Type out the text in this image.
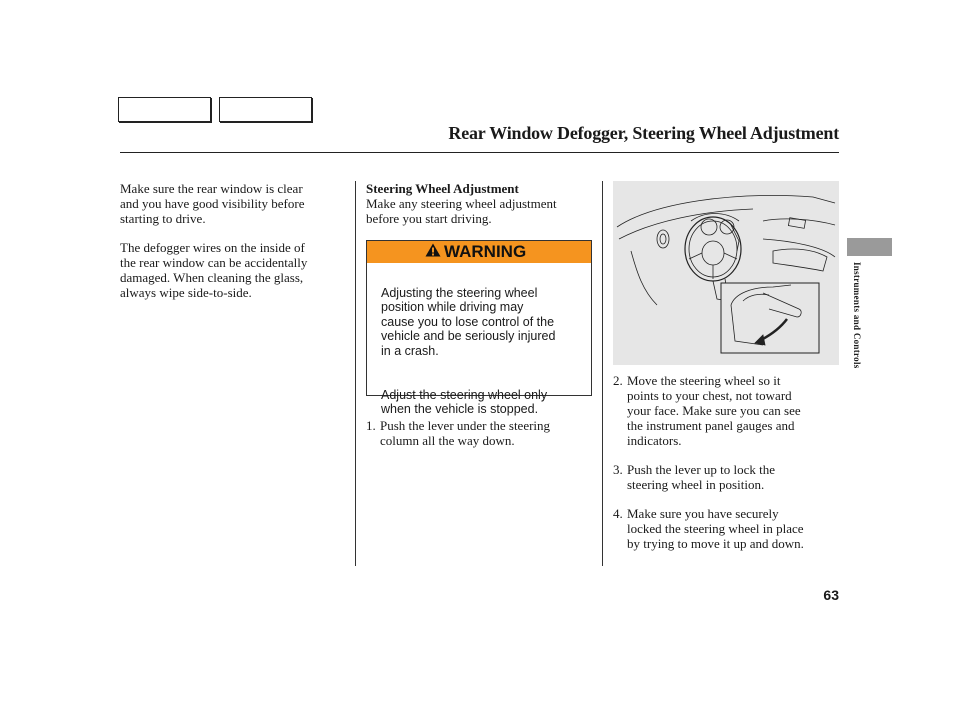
Rear Window Defogger, Steering Wheel Adjustment
Make sure the rear window is clear
and you have good visibility before
starting to drive.
The defogger wires on the inside of
the rear window can be accidentally
damaged. When cleaning the glass,
always wipe side-to-side.
Steering Wheel Adjustment
Make any steering wheel adjustment
before you start driving.
WARNING

Adjusting the steering wheel
position while driving may
cause you to lose control of the
vehicle and be seriously injured
in a crash.

Adjust the steering wheel only
when the vehicle is stopped.

1. Push the lever under the steering
column all the way down.
2. Move the steering wheel so it
points to your chest, not toward
your face. Make sure you can see
the instrument panel gauges and
indicators.
3. Push the lever up to lock the
steering wheel in position.
4. Make sure you have securely
locked the steering wheel in place
by trying to move it up and down.
Instruments and Controls
63
